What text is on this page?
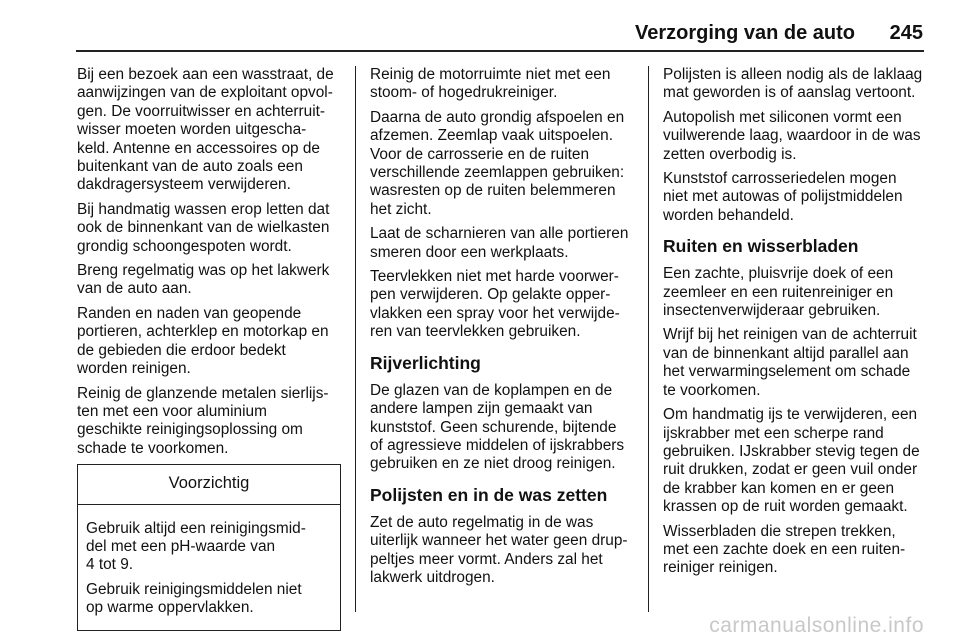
Verzorging van de auto 245

Bij een bezoek aan een wasstraat, de
aanwijzingen van de exploitant opvol-
gen. De voorruitwisser en achterruit-
wisser moeten worden uitgescha-
keld. Antenne en accessoires op de
buitenkant van de auto zoals een
dakdragersysteem verwijderen.

Bij handmatig wassen erop letten dat
ook de binnenkant van de wielkasten
grondig schoongespoten wordt.

Breng regelmatig was op het lakwerk
van de auto aan.

Randen en naden van geopende
portieren, achterklep en motorkap en
de gebieden die erdoor bedekt
worden reinigen.

Reinig de glanzende metalen sierlijs-
ten met een voor aluminium
geschikte reinigingsoplossing om
schade te voorkomen.

Voorzichtig

Gebruik altijd een reinigingsmid-
del met een pH-waarde van
4 tot 9.

Gebruik reinigingsmiddelen niet
op warme oppervlakken.

Reinig de motorruimte niet met een
stoom- of hogedrukreiniger.

Daarna de auto grondig afspoelen en
afzemen. Zeemlap vaak uitspoelen.
Voor de carrosserie en de ruiten
verschillende zeemlappen gebruiken:
wasresten op de ruiten belemmeren
het zicht.

Laat de scharnieren van alle portieren
smeren door een werkplaats.

Teervlekken niet met harde voorwer-
pen verwijderen. Op gelakte opper-
vlakken een spray voor het verwijde-
ren van teervlekken gebruiken.

Rijverlichting

De glazen van de koplampen en de
andere lampen zijn gemaakt van
kunststof. Geen schurende, bijtende
of agressieve middelen of ijskrabbers
gebruiken en ze niet droog reinigen.

Polijsten en in de was zetten

Zet de auto regelmatig in de was
uiterlijk wanneer het water geen drup-
peltjes meer vormt. Anders zal het
lakwerk uitdrogen.

Polijsten is alleen nodig als de laklaag
mat geworden is of aanslag vertoont.

Autopolish met siliconen vormt een
vuilwerende laag, waardoor in de was
zetten overbodig is.

Kunststof carrosseriedelen mogen
niet met autowas of polijstmiddelen
worden behandeld.

Ruiten en wisserbladen

Een zachte, pluisvrije doek of een
zeemleer en een ruitenreiniger en
insectenverwijderaar gebruiken.

Wrijf bij het reinigen van de achterruit
van de binnenkant altijd parallel aan
het verwarmingselement om schade
te voorkomen.

Om handmatig ijs te verwijderen, een
ijskrabber met een scherpe rand
gebruiken. IJskrabber stevig tegen de
ruit drukken, zodat er geen vuil onder
de krabber kan komen en er geen
krassen op de ruit worden gemaakt.

Wisserbladen die strepen trekken,
met een zachte doek en een ruiten-
reiniger reinigen.

carmanualsonline.info
